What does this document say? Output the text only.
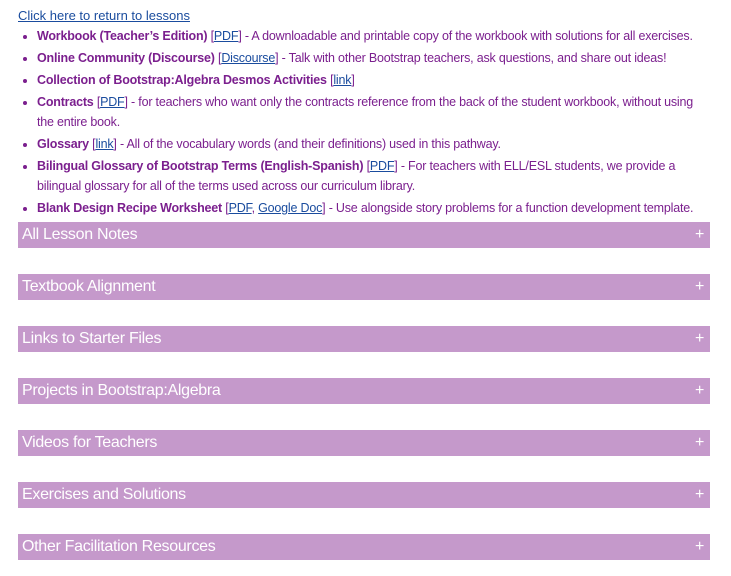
Click here to return to lessons
• Workbook (Teacher’s Edition) [PDF] - A downloadable and printable copy of the workbook with solutions for all exercises.
• Online Community (Discourse) [Discourse] - Talk with other Bootstrap teachers, ask questions, and share out ideas!
• Collection of Bootstrap:Algebra Desmos Activities [link]
• Contracts [PDF] - for teachers who want only the contracts reference from the back of the student workbook, without using the entire book.
• Glossary [link] - All of the vocabulary words (and their definitions) used in this pathway.
• Bilingual Glossary of Bootstrap Terms (English-Spanish) [PDF] - For teachers with ELL/ESL students, we provide a bilingual glossary for all of the terms used across our curriculum library.
• Blank Design Recipe Worksheet [PDF, Google Doc] - Use alongside story problems for a function development template.
All Lesson Notes	+
Textbook Alignment	+
Links to Starter Files	+
Projects in Bootstrap:Algebra	+
Videos for Teachers	+
Exercises and Solutions	+
Other Facilitation Resources	+
